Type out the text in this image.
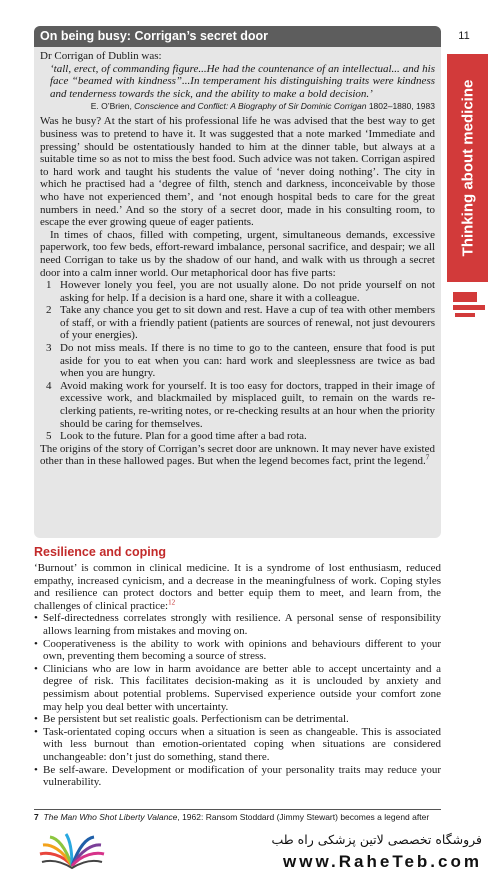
11
Thinking about medicine
On being busy: Corrigan’s secret door

Dr Corrigan of Dublin was:

‘tall, erect, of commanding figure...He had the countenance of an intellectual... and his face “beamed with kindness”...In temperament his distinguishing traits were kindness and tenderness towards the sick, and the ability to make a bold decision.’

E. O’Brien, Conscience and Conflict: A Biography of Sir Dominic Corrigan 1802–1880, 1983

Was he busy? At the start of his professional life he was advised that the best way to get business was to pretend to have it. It was suggested that a note marked ‘Immediate and pressing’ should be ostentatiously handed to him at the dinner table, but always at a suitable time so as not to miss the best food. Such advice was not taken. Corrigan aspired to hard work and taught his students the value of ‘never doing nothing’. The city in which he practised had a ‘degree of filth, stench and darkness, inconceivable by those who have not experienced them’, and ‘not enough hospital beds to care for the great numbers in need.’ And so the story of a secret door, made in his consulting room, to escape the ever growing queue of eager patients.

In times of chaos, filled with competing, urgent, simultaneous demands, excessive paperwork, too few beds, effort-reward imbalance, personal sacrifice, and despair; we all need Corrigan to take us by the shadow of our hand, and walk with us through a secret door into a calm inner world. Our metaphorical door has five parts:

1 However lonely you feel, you are not usually alone. Do not pride yourself on not asking for help. If a decision is a hard one, share it with a colleague.
2 Take any chance you get to sit down and rest. Have a cup of tea with other members of staff, or with a friendly patient (patients are sources of renewal, not just devourers of your energies).
3 Do not miss meals. If there is no time to go to the canteen, ensure that food is put aside for you to eat when you can: hard work and sleeplessness are twice as bad when you are hungry.
4 Avoid making work for yourself. It is too easy for doctors, trapped in their image of excessive work, and blackmailed by misplaced guilt, to remain on the wards re-clerking patients, re-writing notes, or re-checking results at an hour when the priority should be caring for themselves.
5 Look to the future. Plan for a good time after a bad rota.

The origins of the story of Corrigan’s secret door are unknown. It may never have existed other than in these hallowed pages. But when the legend becomes fact, print the legend.$^7$

Resilience and coping

‘Burnout’ is common in clinical medicine. It is a syndrome of lost enthusiasm, reduced empathy, increased cynicism, and a decrease in the meaningfulness of work. Coping styles and resilience can protect doctors and better equip them to meet, and learn from, the challenges of clinical practice:$^{12}$

• Self-directedness correlates strongly with resilience. A personal sense of responsibility allows learning from mistakes and moving on.
• Cooperativeness is the ability to work with opinions and behaviours different to your own, preventing them becoming a source of stress.
• Clinicians who are low in harm avoidance are better able to accept uncertainty and a degree of risk. This facilitates decision-making as it is unclouded by anxiety and pessimism about potential problems. Supervised experience outside your comfort zone may help you deal better with uncertainty.
• Be persistent but set realistic goals. Perfectionism can be detrimental.
• Task-orientated coping occurs when a situation is seen as changeable. This is associated with less burnout than emotion-orientated coping when situations are considered unchangeable: don’t just do something, stand there.
• Be self-aware. Development or modification of your personality traits may reduce your vulnerability.
7 The Man Who Shot Liberty Valance, 1962: Ransom Stoddard (Jimmy Stewart) becomes a legend after
فروشگاه تخصصی لاتین پزشکی راه طب
www.RaheTeb.com
